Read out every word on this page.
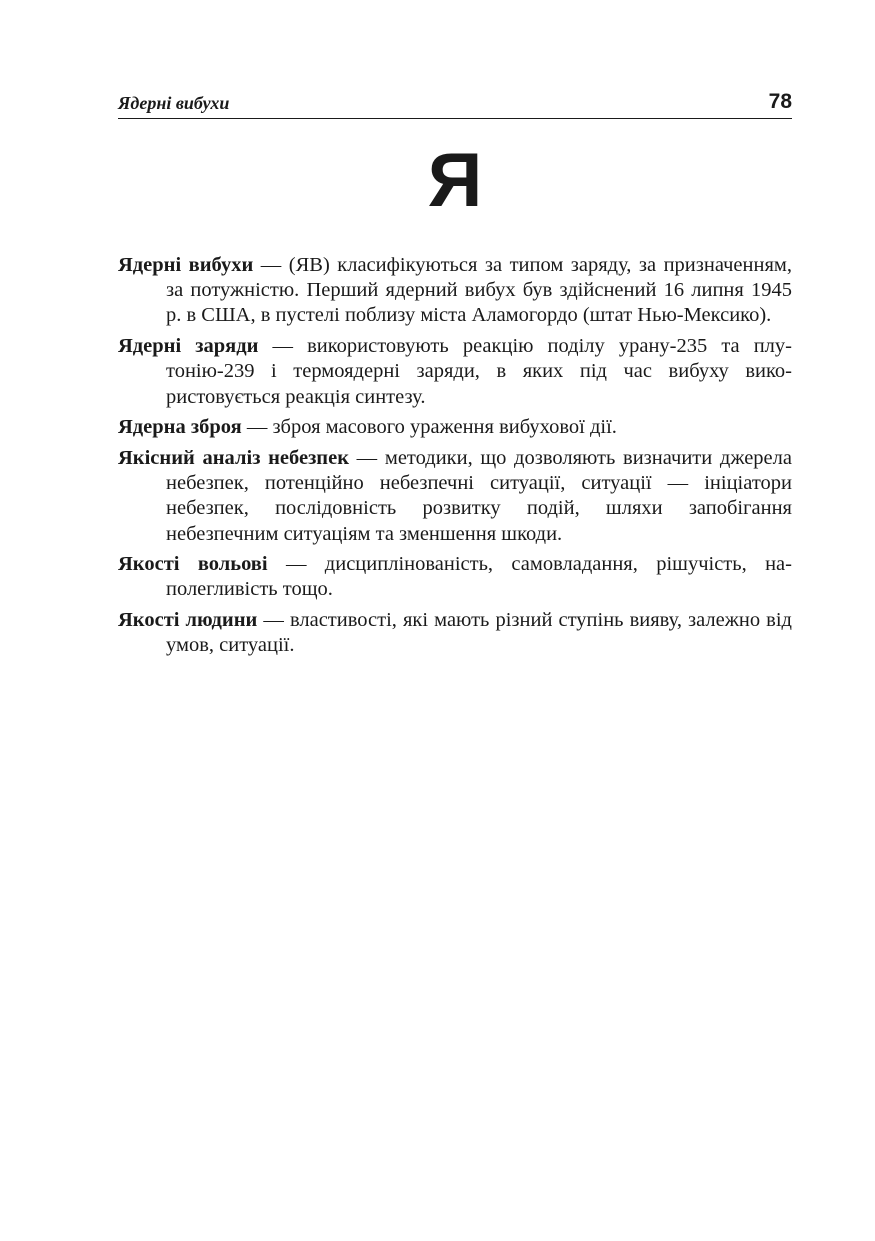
Ядерні вибухи	78
Я

Ядерні вибухи — (ЯВ) класифікуються за типом заряду, за призначенням, за потужністю. Перший ядерний вибух був здійснений 16 липня 1945 р. в США, в пустелі поблизу міста Аламогордо (штат Нью-Мексико).

Ядерні заряди — використовують реакцію поділу урану-235 та плутонію-239 і термоядерні заряди, в яких під час вибуху використовується реакція синтезу.

Ядерна зброя — зброя масового ураження вибухової дії.

Якісний аналіз небезпек — методики, що дозволяють визначити джерела небезпек, потенційно небезпечні ситуації, ситуації — ініціатори небезпек, послідовність розвитку подій, шляхи запобігання небезпечним ситуаціям та зменшення шкоди.

Якості вольові — дисциплінованість, самовладання, рішучість, наполегливість тощо.

Якості людини — властивості, які мають різний ступінь вияву, залежно від умов, ситуації.
